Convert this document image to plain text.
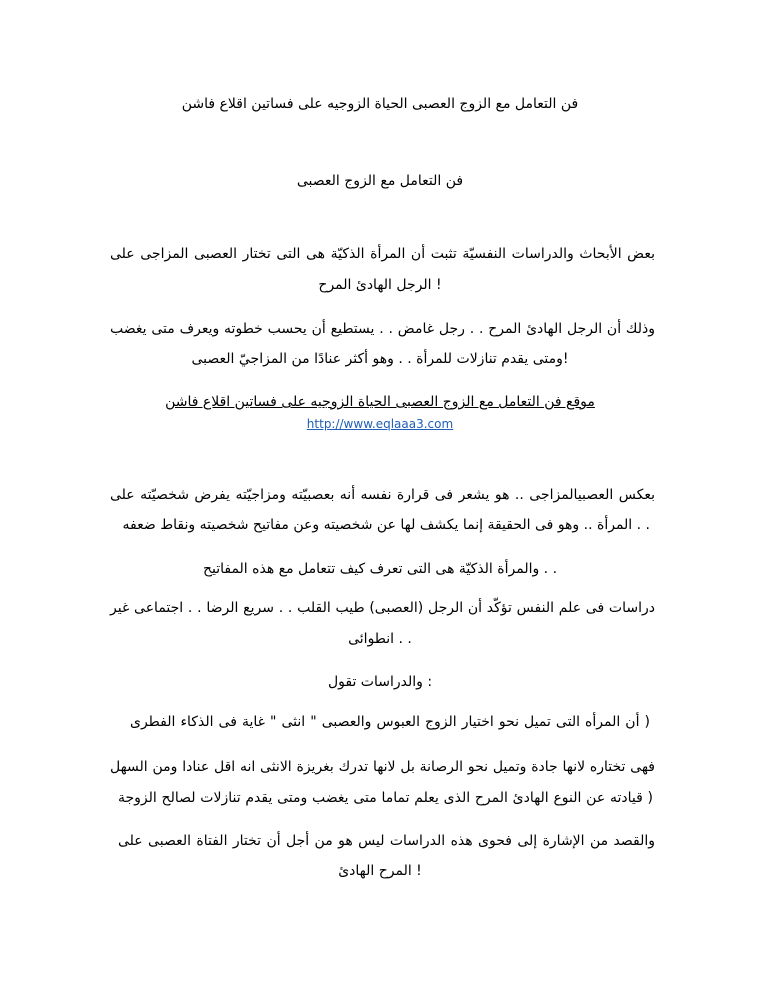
فن التعامل مع الزوج العصبى الحياة الزوجيه على فساتين اقلاع فاشن
فن التعامل مع الزوج العصبى
بعض الأبحاث والدراسات النفسيّة تثبت أن المرأة الذكيّة هى التى تختار العصبى المزاجى على
! الرجل الهادئ المرح
وذلك أن الرجل الهادئ المرح . . رجل غامض . . يستطيع أن يحسب خطوته ويعرف متى يغضب
!ومتى يقدم تنازلات للمرأة . . وهو أكثر عنادًا من المزاجيّ العصبى
موقع فن التعامل مع الزوج العصبى الحياة الزوجيه على فساتين اقلاع فاشن
http://www.eqlaaa3.com
بعكس العصبيالمزاجى .. هو يشعر فى قرارة نفسه أنه بعصبيّته ومزاجيّته يفرض شخصيّته على
. . المرأة .. وهو فى الحقيقة إنما يكشف لها عن شخصيته وعن مفاتيح شخصيته ونقاط ضعفه
. . والمرأة الذكيّة هى التى تعرف كيف تتعامل مع هذه المفاتيح
دراسات فى علم النفس تؤكّد أن الرجل (العصبى) طيب القلب . . سريع الرضا . . اجتماعى غير
. . انطوائى
: والدراسات تقول
( أن المرأه التى تميل نحو اختيار الزوج العبوس والعصبى " انثى " غاية فى الذكاء الفطرى
فهى تختاره لانها جادة وتميل نحو الرصانة بل لانها تدرك بغريزة الانثى انه اقل عنادا ومن السهل
( قيادته عن النوع الهادئ المرح الذى يعلم تماما متى يغضب ومتى يقدم تنازلات لصالح الزوجة
والقصد من الإشارة إلى فحوى هذه الدراسات ليس هو من أجل أن تختار الفتاة العصبى على
! المرح الهادئ
